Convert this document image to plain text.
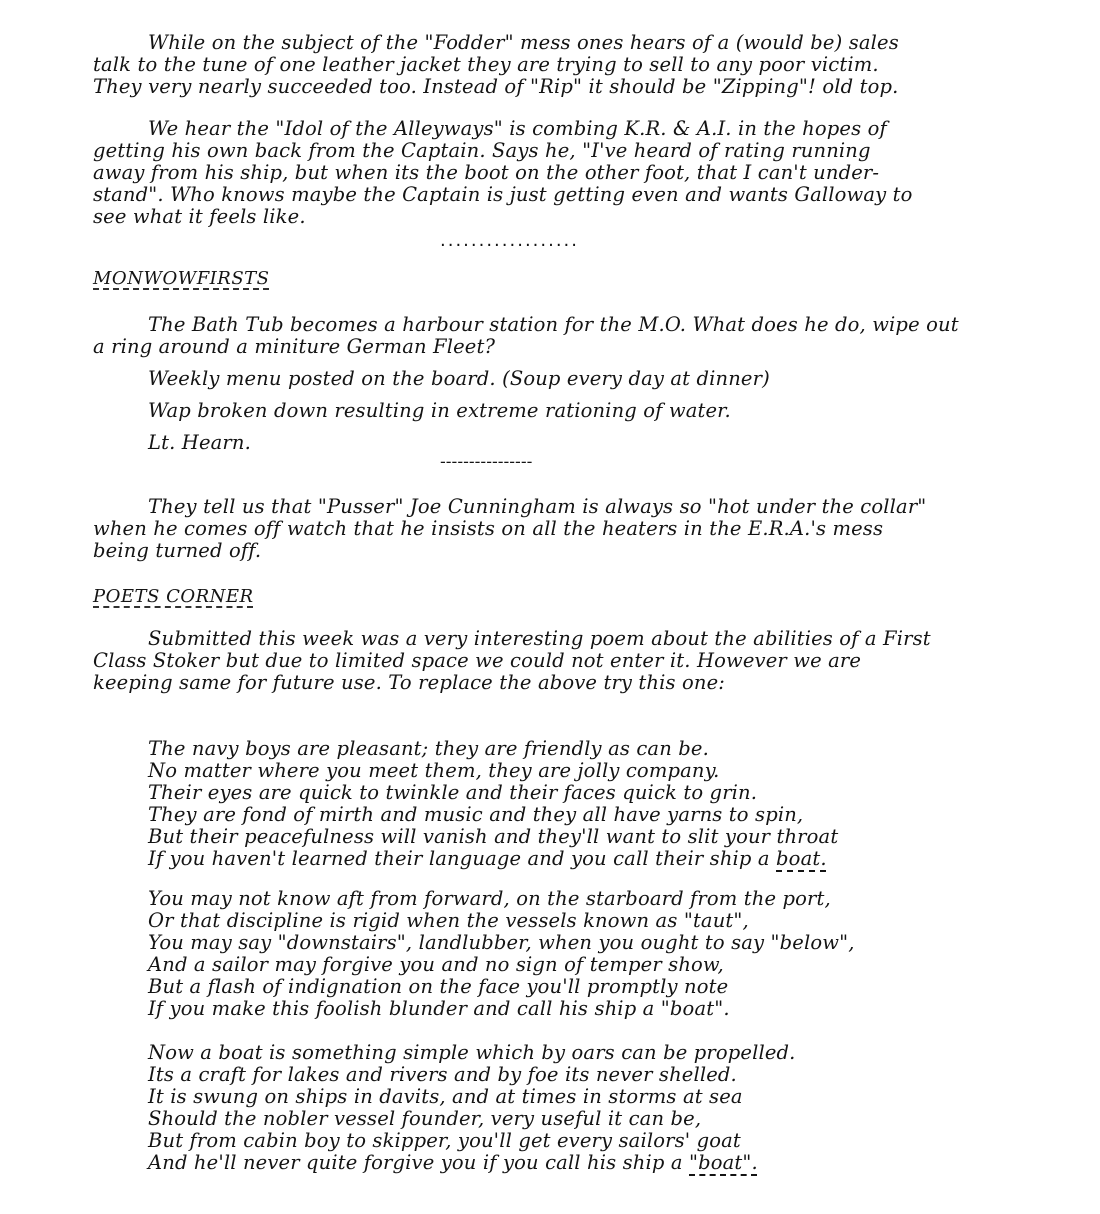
While on the subject of the "Fodder" mess ones hears of a (would be) sales
talk to the tune of one leather jacket they are trying to sell to any poor victim.
They very nearly succeeded too. Instead of "Rip" it should be "Zipping"! old top.
We hear the "Idol of the Alleyways" is combing K.R. & A.I. in the hopes of
getting his own back from the Captain. Says he, "I've heard of rating running
away from his ship, but when its the boot on the other foot, that I can't under-
stand". Who knows maybe the Captain is just getting even and wants Galloway to
see what it feels like.
..................
MONWOWFIRSTS
The Bath Tub becomes a harbour station for the M.O. What does he do, wipe out
a ring around a miniture German Fleet?
Weekly menu posted on the board. (Soup every day at dinner)
Wap broken down resulting in extreme rationing of water.
Lt. Hearn.
----------------
They tell us that "Pusser" Joe Cunningham is always so "hot under the collar"
when he comes off watch that he insists on all the heaters in the E.R.A.'s mess
being turned off.
POETS CORNER
Submitted this week was a very interesting poem about the abilities of a First
Class Stoker but due to limited space we could not enter it. However we are
keeping same for future use. To replace the above try this one:
The navy boys are pleasant; they are friendly as can be.
No matter where you meet them, they are jolly company.
Their eyes are quick to twinkle and their faces quick to grin.
They are fond of mirth and music and they all have yarns to spin,
But their peacefulness will vanish and they'll want to slit your throat
If you haven't learned their language and you call their ship a boat.
You may not know aft from forward, on the starboard from the port,
Or that discipline is rigid when the vessels known as "taut",
You may say "downstairs", landlubber, when you ought to say "below",
And a sailor may forgive you and no sign of temper show,
But a flash of indignation on the face you'll promptly note
If you make this foolish blunder and call his ship a "boat".
Now a boat is something simple which by oars can be propelled.
Its a craft for lakes and rivers and by foe its never shelled.
It is swung on ships in davits, and at times in storms at sea
Should the nobler vessel founder, very useful it can be,
But from cabin boy to skipper, you'll get every sailors' goat
And he'll never quite forgive you if you call his ship a "boat".
